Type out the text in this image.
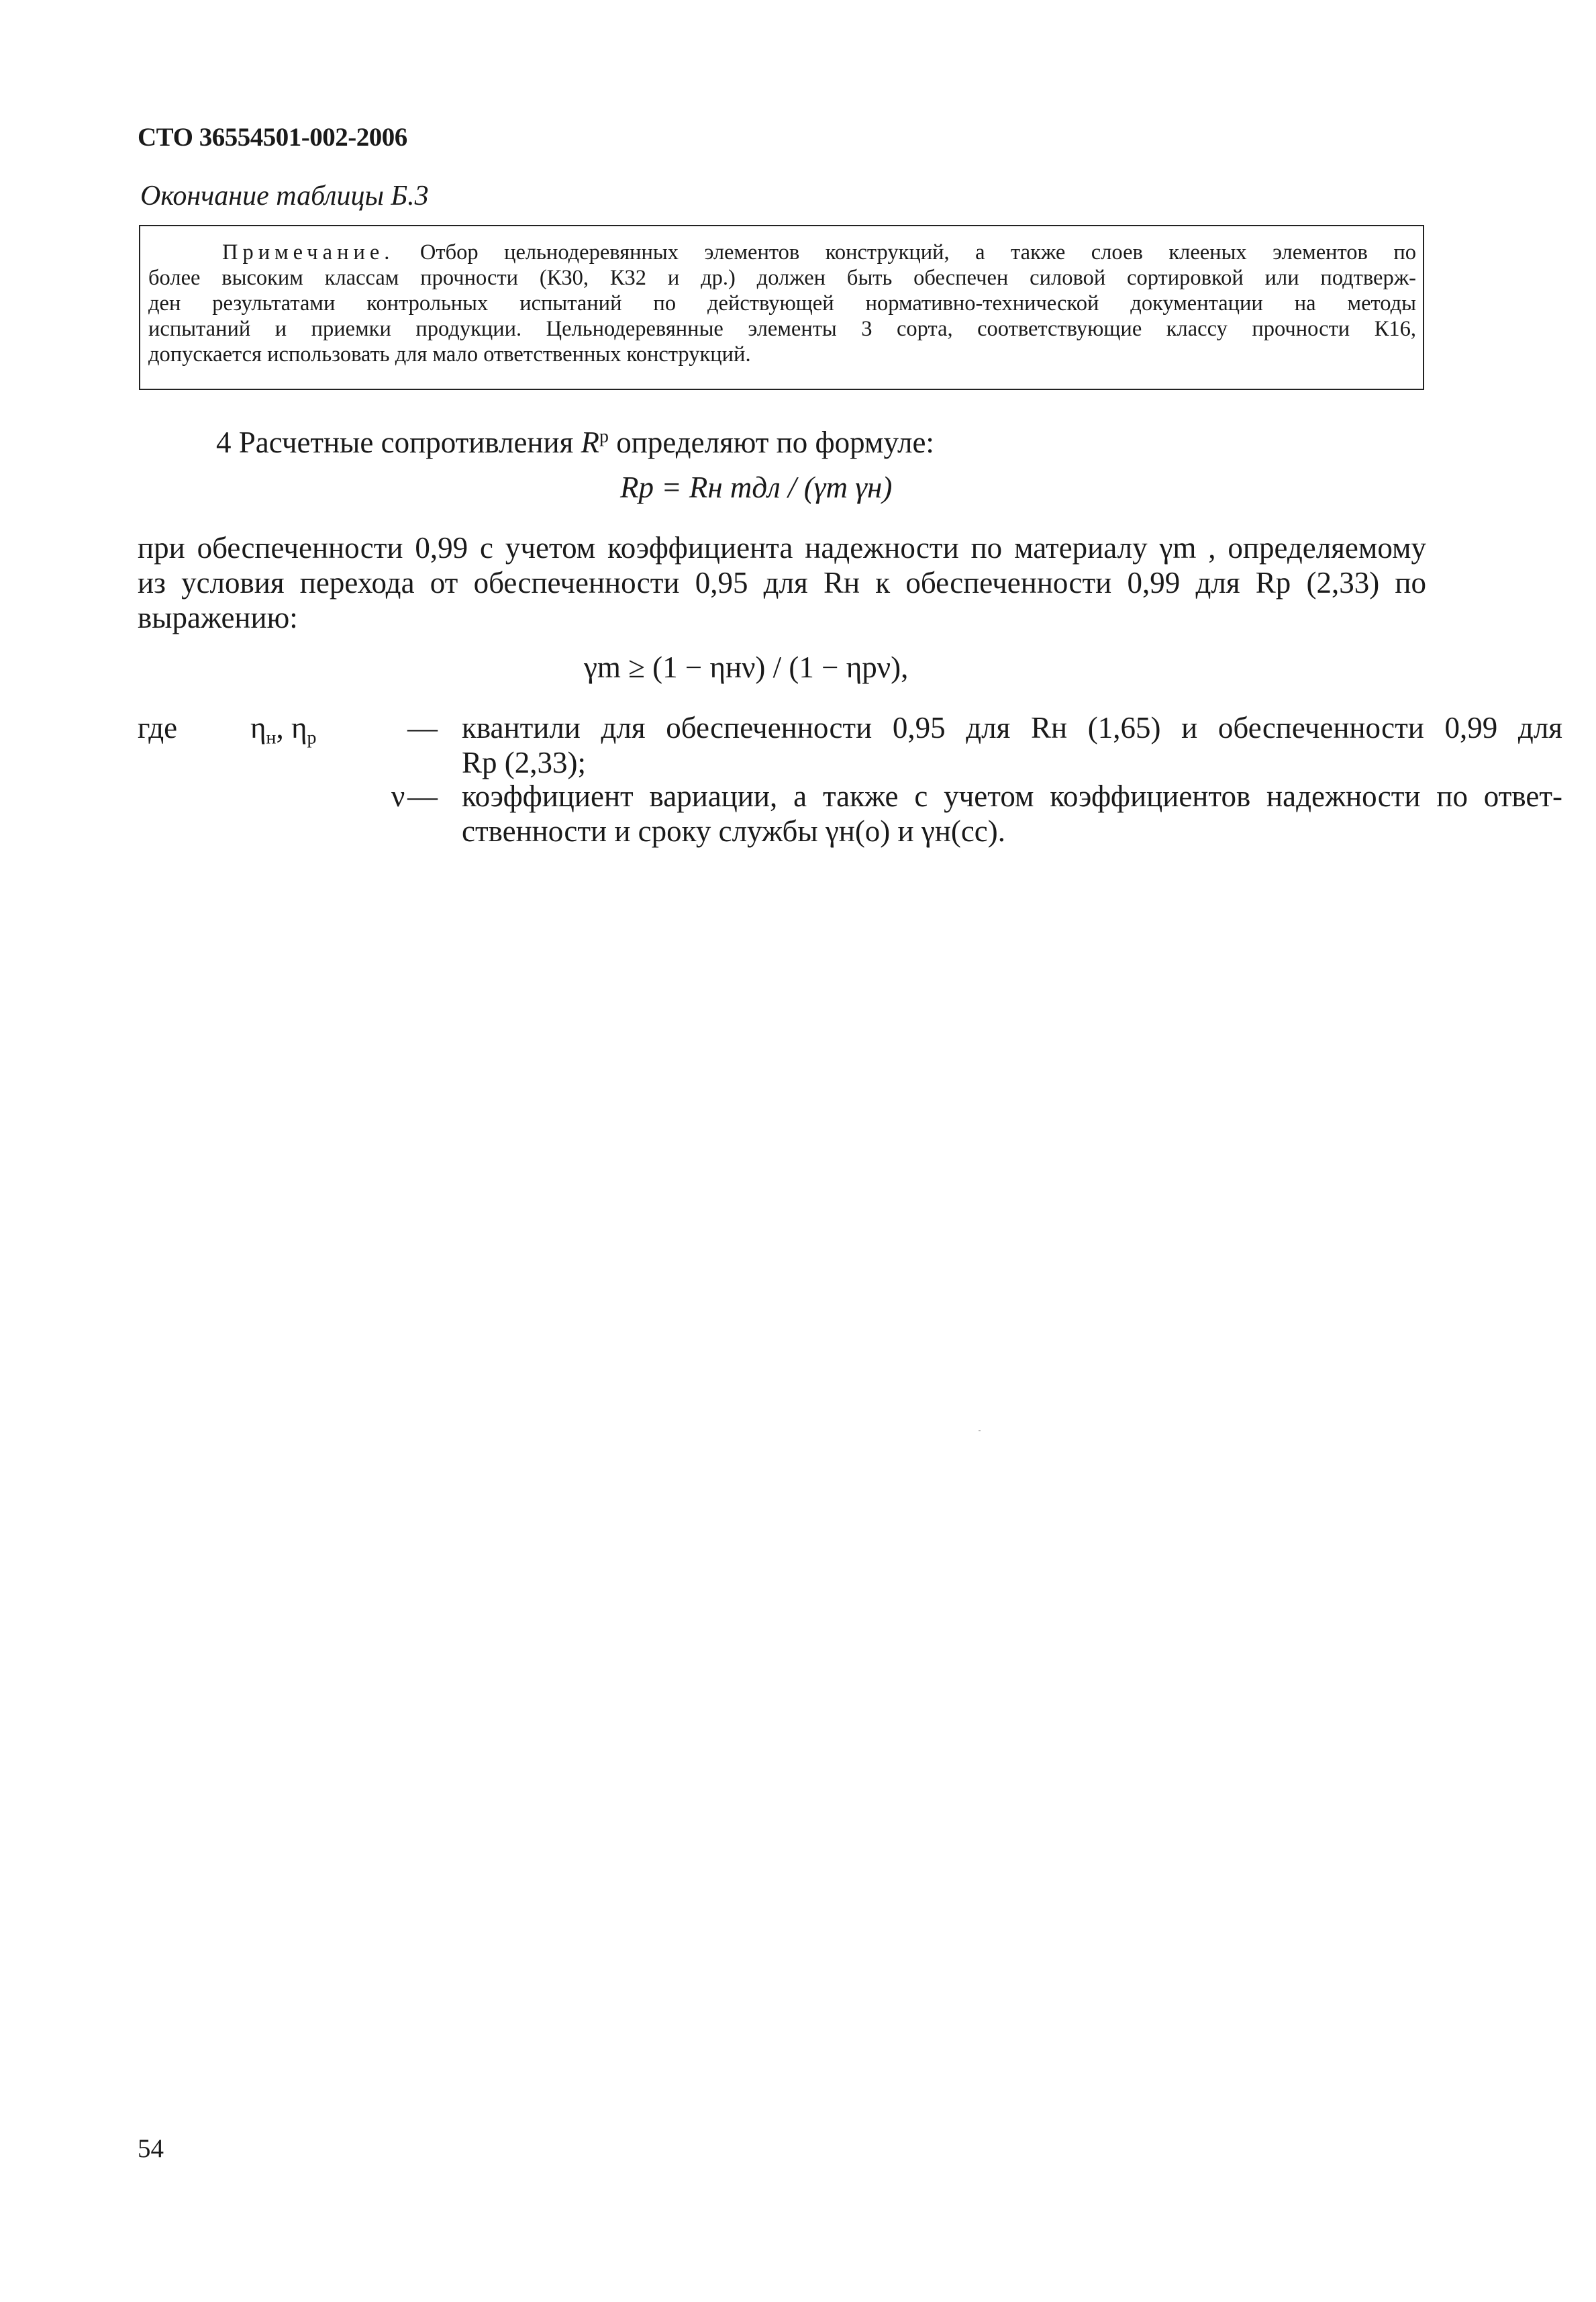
СТО 36554501-002-2006
Окончание таблицы Б.3
Примечание. Отбор цельнодеревянных элементов конструкций, а также слоев клееных элементов по
более высоким классам прочности (К30, К32 и др.) должен быть обеспечен силовой сортировкой или подтверж-
ден результатами контрольных испытаний по действующей нормативно-технической документации на методы
испытаний и приемки продукции. Цельнодеревянные элементы 3 сорта, соответствующие классу прочности К16,
допускается использовать для мало ответственных конструкций.
4 Расчетные сопротивления $R^р$ определяют по формуле:
Rр = Rн mдл / (γm γн)
при обеспеченности 0,99 с учетом коэффициента надежности по материалу γm , определяемому
из условия перехода от обеспеченности 0,95 для Rн к обеспеченности 0,99 для Rр (2,33) по
выражению:
γm ≥ (1 − ηнν) / (1 − ηрν),
где $\eta_н$, $\eta_р$	— квантили для обеспеченности 0,95 для Rн (1,65) и обеспеченности 0,99 для
Rр (2,33);
ν — коэффициент вариации, а также с учетом коэффициентов надежности по ответ-
ственности и сроку службы γн(о) и γн(сс).
54
